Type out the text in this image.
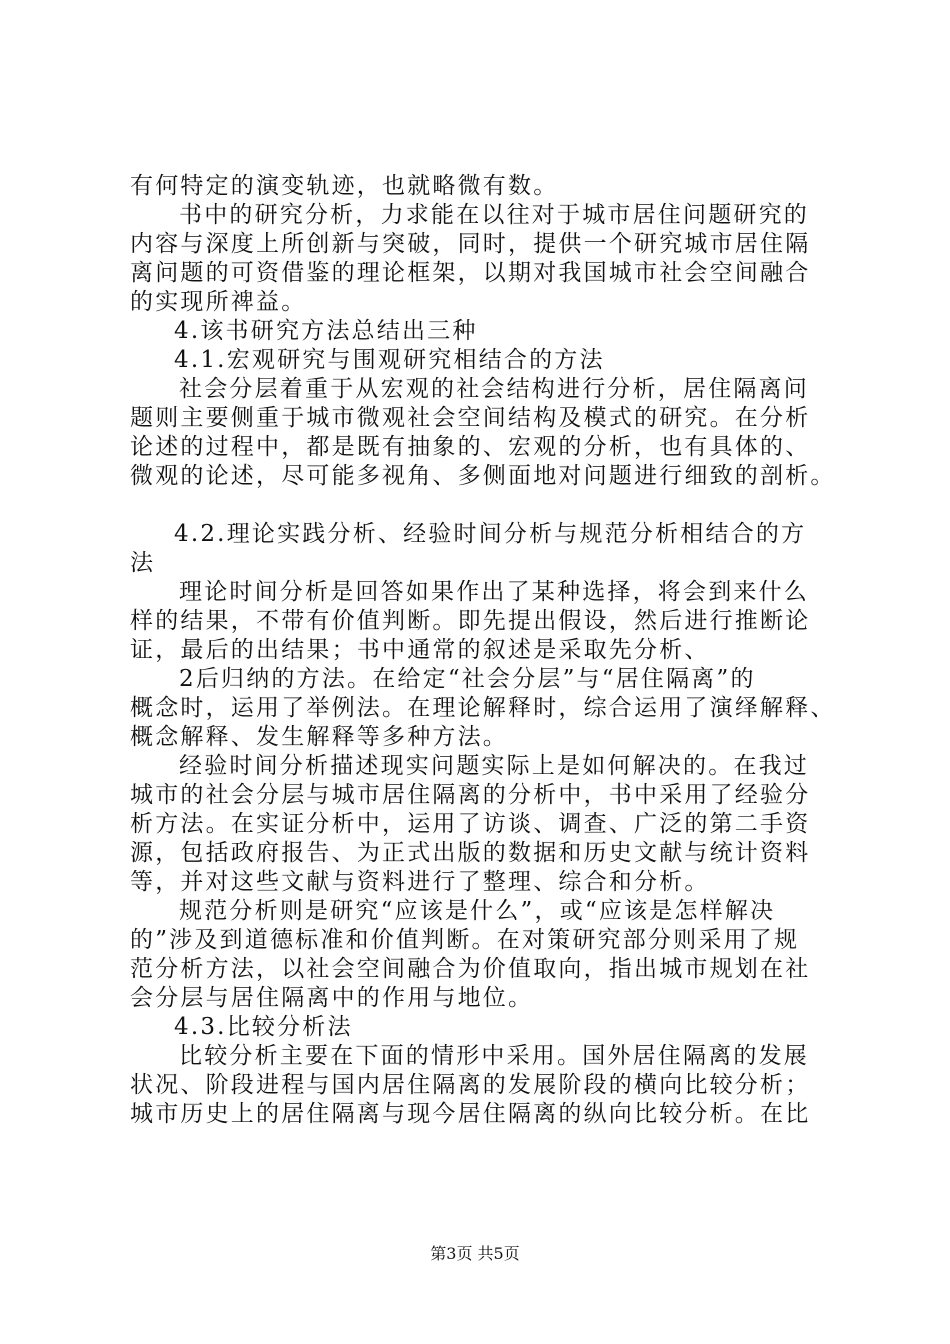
有何特定的演变轨迹，也就略微有数。
书中的研究分析，力求能在以往对于城市居住问题研究的
内容与深度上所创新与突破，同时，提供一个研究城市居住隔
离问题的可资借鉴的理论框架，以期对我国城市社会空间融合
的实现所禆益。
4.该书研究方法总结出三种
4.1.宏观研究与围观研究相结合的方法
社会分层着重于从宏观的社会结构进行分析，居住隔离问
题则主要侧重于城市微观社会空间结构及模式的研究。在分析
论述的过程中，都是既有抽象的、宏观的分析，也有具体的、
微观的论述，尽可能多视角、多侧面地对问题进行细致的剖析。
4.2.理论实践分析、经验时间分析与规范分析相结合的方
法
理论时间分析是回答如果作出了某种选择，将会到来什么
样的结果，不带有价值判断。即先提出假设，然后进行推断论
证，最后的出结果；书中通常的叙述是采取先分析、
2后归纳的方法。在给定“社会分层”与“居住隔离”的
概念时，运用了举例法。在理论解释时，综合运用了演绎解释、
概念解释、发生解释等多种方法。
经验时间分析描述现实问题实际上是如何解决的。在我过
城市的社会分层与城市居住隔离的分析中，书中采用了经验分
析方法。在实证分析中，运用了访谈、调查、广泛的第二手资
源，包括政府报告、为正式出版的数据和历史文献与统计资料
等，并对这些文献与资料进行了整理、综合和分析。
规范分析则是研究“应该是什么”，或“应该是怎样解决
的”涉及到道德标准和价值判断。在对策研究部分则采用了规
范分析方法，以社会空间融合为价值取向，指出城市规划在社
会分层与居住隔离中的作用与地位。
4.3.比较分析法
比较分析主要在下面的情形中采用。国外居住隔离的发展
状况、阶段进程与国内居住隔离的发展阶段的横向比较分析；
城市历史上的居住隔离与现今居住隔离的纵向比较分析。在比
第3页 共5页
